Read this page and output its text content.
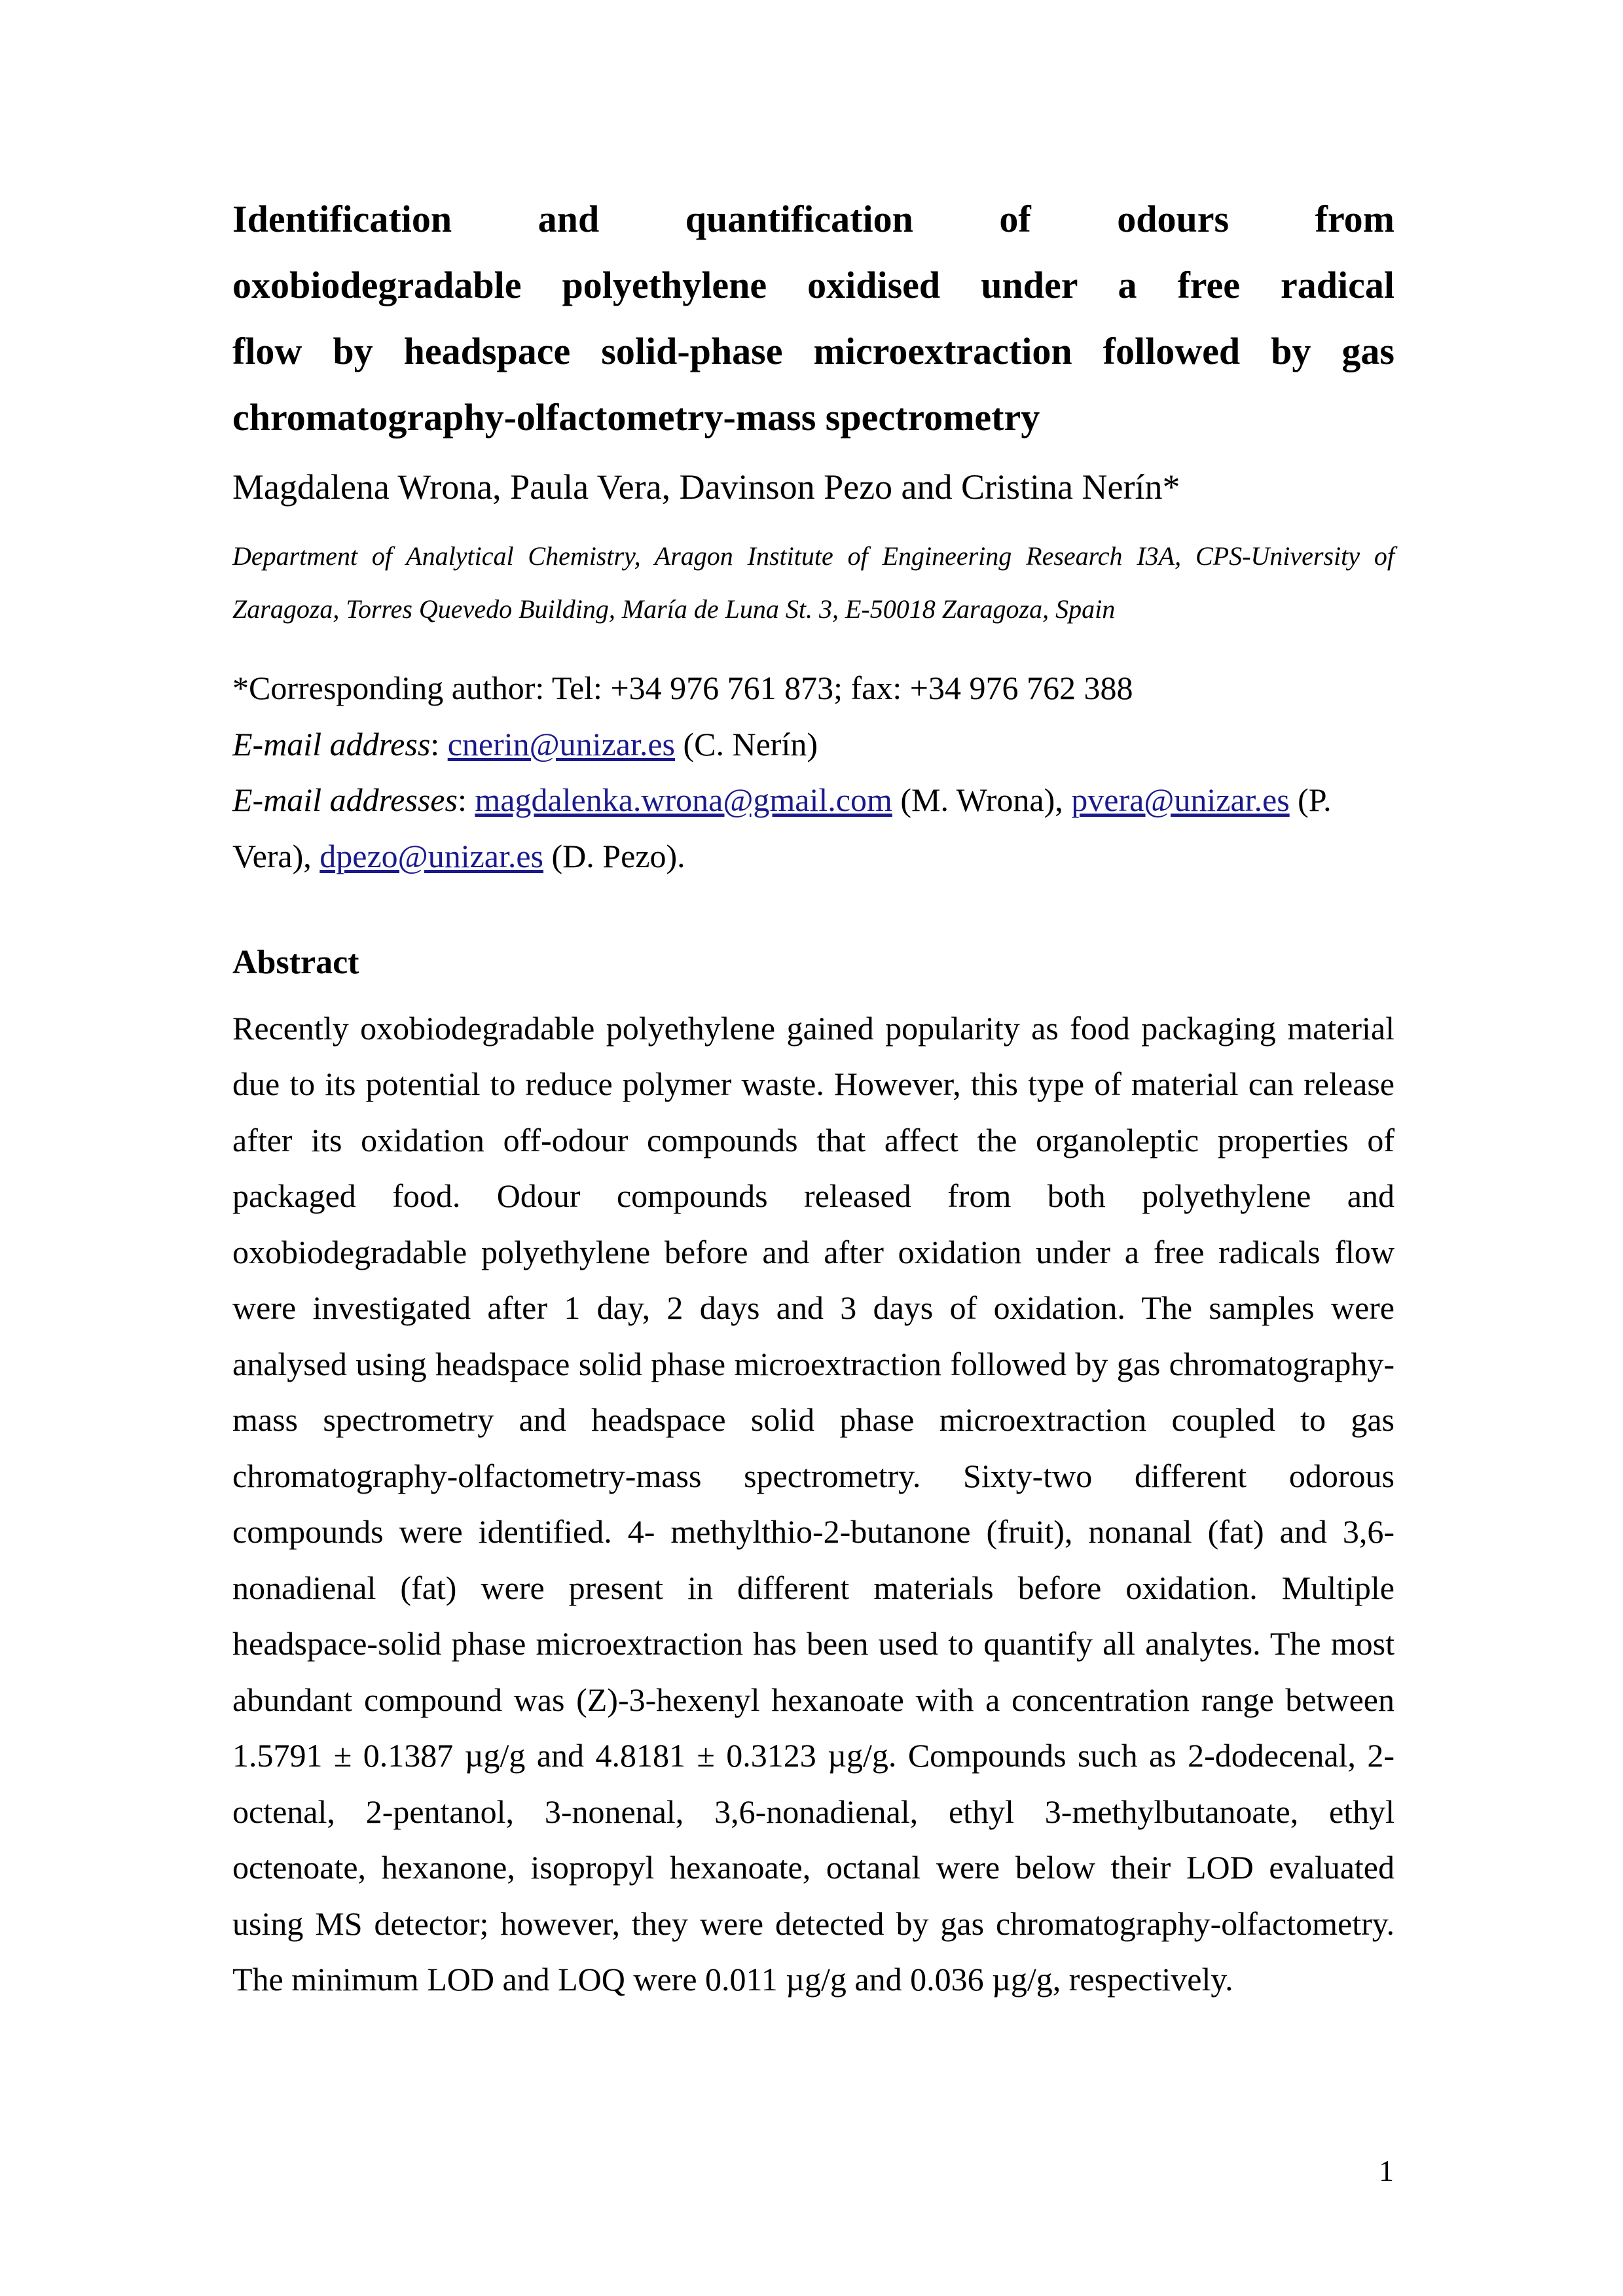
Identification and quantification of odours from
oxobiodegradable polyethylene oxidised under a free radical
flow by headspace solid-phase microextraction followed by gas
chromatography-olfactometry-mass spectrometry
Magdalena Wrona, Paula Vera, Davinson Pezo and Cristina Nerín*
Department of Analytical Chemistry, Aragon Institute of Engineering Research I3A, CPS-University of Zaragoza, Torres Quevedo Building, María de Luna St. 3, E-50018 Zaragoza, Spain

*Corresponding author: Tel: +34 976 761 873; fax: +34 976 762 388

E-mail address: cnerin@unizar.es (C. Nerín)

E-mail addresses: magdalenka.wrona@gmail.com (M. Wrona), pvera@unizar.es (P. Vera), dpezo@unizar.es (D. Pezo).

Abstract
Recently oxobiodegradable polyethylene gained popularity as food packaging material due to its potential to reduce polymer waste. However, this type of material can release after its oxidation off-odour compounds that affect the organoleptic properties of packaged food. Odour compounds released from both polyethylene and oxobiodegradable polyethylene before and after oxidation under a free radicals flow were investigated after 1 day, 2 days and 3 days of oxidation. The samples were analysed using headspace solid phase microextraction followed by gas chromatography-mass spectrometry and headspace solid phase microextraction coupled to gas chromatography-olfactometry-mass spectrometry. Sixty-two different odorous compounds were identified. 4- methylthio-2-butanone (fruit), nonanal (fat) and 3,6-nonadienal (fat) were present in different materials before oxidation. Multiple headspace-solid phase microextraction has been used to quantify all analytes. The most abundant compound was (Z)-3-hexenyl hexanoate with a concentration range between 1.5791 ± 0.1387 µg/g and 4.8181 ± 0.3123 µg/g. Compounds such as 2-dodecenal, 2-octenal, 2-pentanol, 3-nonenal, 3,6-nonadienal, ethyl 3-methylbutanoate, ethyl octenoate, hexanone, isopropyl hexanoate, octanal were below their LOD evaluated using MS detector; however, they were detected by gas chromatography-olfactometry. The minimum LOD and LOQ were 0.011 µg/g and 0.036 µg/g, respectively.
1
